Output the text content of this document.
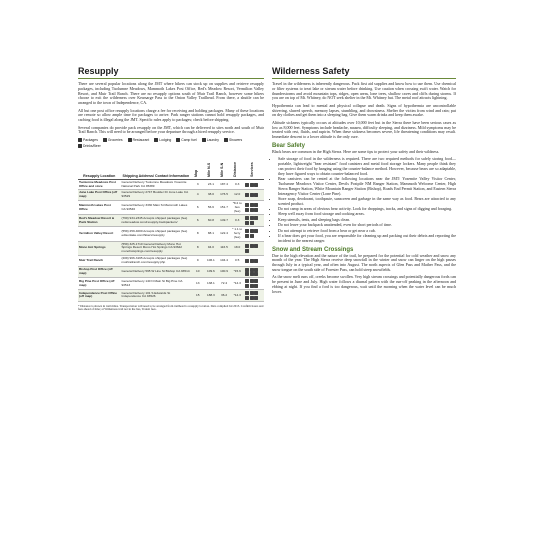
Resupply

There are several popular locations along the JMT where hikers can stock up on supplies and retrieve resupply packages, including Tuolumne Meadows, Mammoth Lakes Post Office, Red's Meadow Resort, Vermilion Valley Resort, and Muir Trail Ranch. There are no resupply options south of Muir Trail Ranch, however some hikers choose to exit the wilderness over Kearsarge Pass to the Onion Valley Trailhead. From there, a shuttle can be arranged to the town of Independence, CA.

All but one post office resupply locations charge a fee for receiving and holding packages. Many of these locations are remote so allow ample time for packages to arrive. Park ranger stations cannot hold resupply packages, and caching food is illegal along the JMT. Specific rules apply to packages; check before shipping.

Several companies do provide pack resupply on the JMT, which can be delivered to sites north and south of Muir Trail Ranch. This will need to be arranged before your departure through a hired resupply service.

Packages	Groceries	Restaurant	Lodging	Camp fuel	Laundry	Showers
Drinks/Beer
Resupply Location	Shipping Address/ Contact Information	Map	Mile N-S	Mile S-N	Distance	Services

Tuolumne Meadows Post Office and store	General Delivery Tuolumne Meadows Yosemite National Park CA 95389	3	23.1	187.4	0.3	

June Lake Post Office (off map)	General Delivery 2747 Boulder Dr June Lake CA 93529	4	38.0	176.5	12.0	

Mammoth Lakes Post Office	General Delivery 3330 Main St Mammoth Lakes CA 93546	6	56.6	151.7	*8.2 to bus (fee)	

Red's Meadow Resort & Pack Station	(760) 934-2345 Accepts shipped packages (fee) redsmeadow.com/resupply-backpackers/	6	60.8	149.7	0.3	

Vermilion Valley Resort	(559) 259-4000 Accepts shipped packages (fee) edisonlake.com/hikers/resupply	8	88.1	122.4	* 1.1 to ferry (fee)	

Mono Hot Springs	(559) 325-1710 General Delivery Mono Hot Springs Resort Mono Hot Springs CA 93642 monohotsprings.com/resupply	8	94.0	116.5	18.0	

Muir Trail Ranch	(209) 966-3195 Accepts shipped packages (fee) muirtrailranch.com/resupply.php	9	106.1	104.4	0.5	

Bishop Post Office (off map)	General Delivery 595 W Line St Bishop CA 93514	10	109.6	100.9	*15.6	

Big Pine Post Office (off map)	General Delivery 140 N Main St Big Pine CA 93513	13	138.1	72.4	*14.3	

Independence Post Office (off map)	General Delivery 101 S Edwards St Independence CA 93526	15	188.3	36.2	*14.3	

* Distance is shown in trail miles. Transportation will need to be arranged from trailhead to resupply location. Data compiled Jul 2013. Confirm hours and fees ahead of time; at Wilderness trail not in the bus, Transit fees.

Wilderness Safety

Travel in the wilderness is inherently dangerous. Pack first aid supplies and know how to use them. Use chemical or filter systems to treat lake or stream water before drinking. Use caution when crossing swift water. Watch for thunderstorms and avoid mountain tops, ridges, open areas, lone trees, shallow caves and cliffs during storms. If you are on top of Mt. Whitney, do NOT seek shelter in the Mt. Whitney hut. The metal roof attracts lightning.

Hypothermia can lead to mental and physical collapse and death. Signs of hypothermia are uncontrollable shivering, slurred speech, memory lapses, stumbling, and drowsiness. Shelter the victim from wind and rain; put on dry clothes and get them into a sleeping bag. Give them warm drinks and keep them awake.

Altitude sickness typically occurs at altitudes over 10,000 feet but in the Sierra there have been serious cases as low as 8,000 feet. Symptoms include headache, nausea, difficulty sleeping, and dizziness. Mild symptoms may be treated with rest, fluids, and aspirin. When these sickness becomes severe, life threatening conditions may result. Immediate descent to a lower altitude is the only cure.

Bear Safety

Black bears are common in the High Sierra. Here are some tips to protect your safety and their wildness.

• Safe storage of food in the wilderness is required. There are two required methods for safely storing food—portable, lightweight "bear resistant" food canisters and metal food storage lockers. Many people think they can protect their food by hanging using the counter-balance method. However, because bears are so adaptable, they have figured ways to obtain counter-balanced food.
• Bear canisters can be rented at the following locations near the JMT: Yosemite Valley Visitor Center, Tuolumne Meadows Visitor Center, Devils Postpile NM Ranger Station, Mammoth Welcome Center, High Sierra Ranger Station, White Mountain Ranger Station (Bishop), Roads End Permit Station, and Eastern Sierra Interagency Visitor Center (Lone Pine).
• Store soap, deodorant, toothpaste, sunscreen and garbage in the same way as food. Bears are attracted to any scented product.
• Do not camp in areas of obvious bear activity. Look for droppings, tracks, and signs of digging and foraging.
• Sleep well away from food storage and cooking areas.
• Keep utensils, tents, and sleeping bags clean.
• Do not leave your backpack unattended, even for short periods of time.
• Do not attempt to retrieve food from a bear or get near a cub.
• If a bear does get your food, you are responsible for cleaning up and packing out their debris and reporting the incident to the nearest ranger.
Snow and Stream Crossings

Due to the high elevation and the nature of the trail, be prepared for the potential for cold weather and snow any month of the year. The High Sierra receive deep snowfall in the winter and snow can linger on the high passes through July in a typical year, and often into August. The north aspects of Glen Pass and Mather Pass, and the snow tongue on the south side of Forester Pass, can hold steep snowfields.

As the snow melt runs off, creeks become swollen. Very high stream crossings and potentially dangerous fords can be present in June and July. High water follows a diurnal pattern with the run-off peaking in the afternoon and ebbing at night. If you find a ford is too dangerous, wait until the morning when the water level can be much lower.
